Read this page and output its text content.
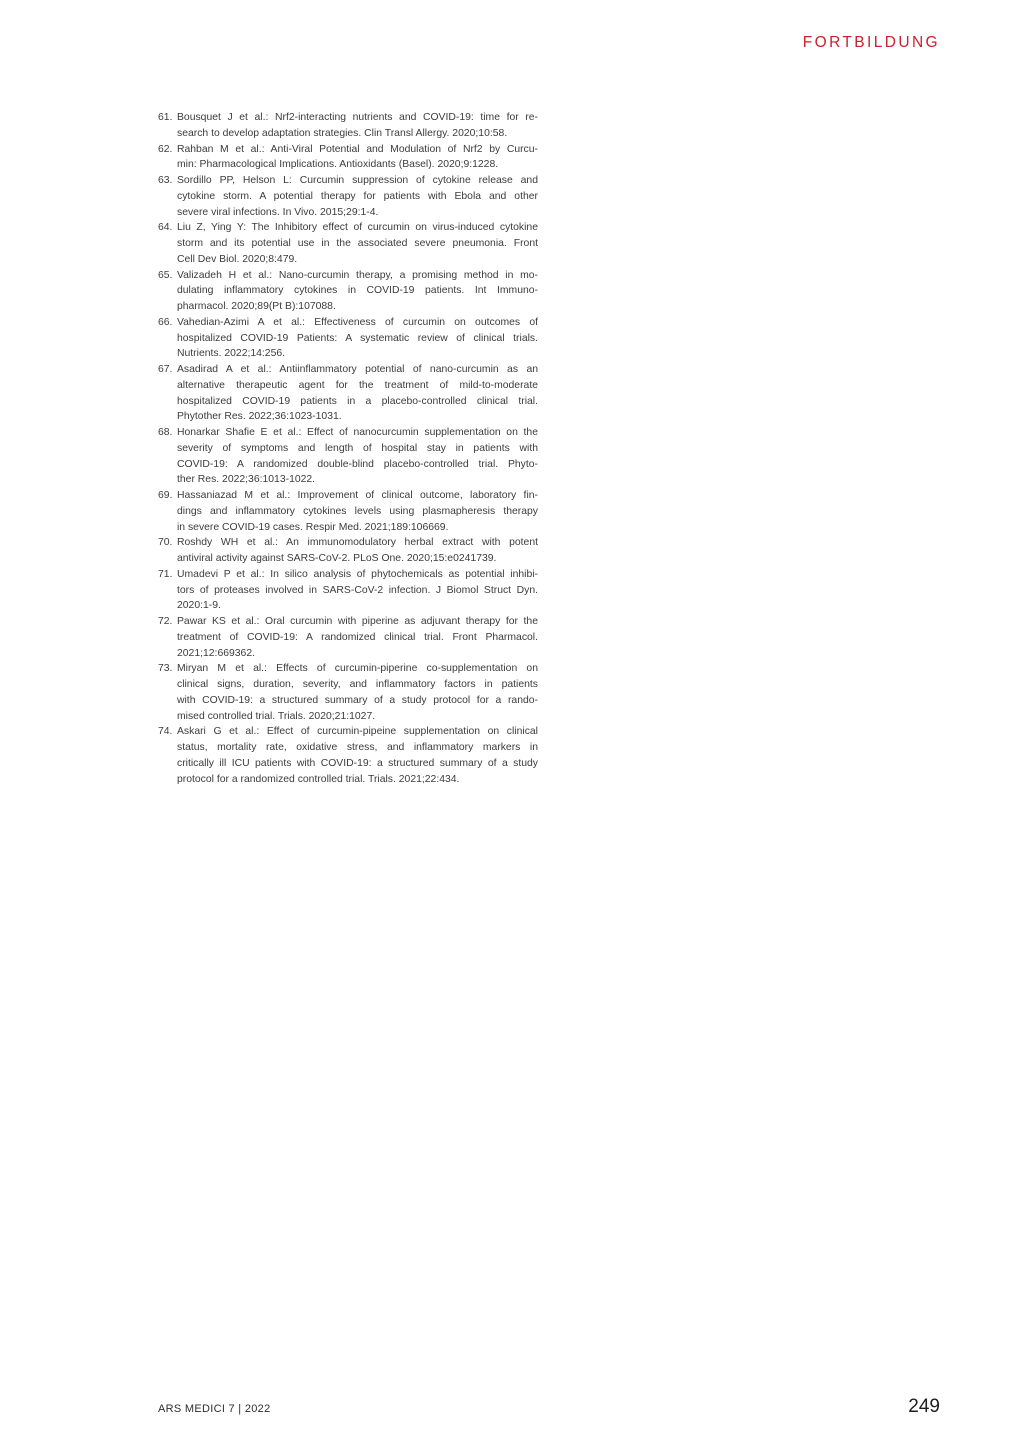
FORTBILDUNG
61. Bousquet J et al.: Nrf2-interacting nutrients and COVID-19: time for re-
search to develop adaptation strategies. Clin Transl Allergy. 2020;10:58.
62. Rahban M et al.: Anti-Viral Potential and Modulation of Nrf2 by Curcu-
min: Pharmacological Implications. Antioxidants (Basel). 2020;9:1228.
63. Sordillo PP, Helson L: Curcumin suppression of cytokine release and
cytokine storm. A potential therapy for patients with Ebola and other
severe viral infections. In Vivo. 2015;29:1-4.
64. Liu Z, Ying Y: The Inhibitory effect of curcumin on virus-induced cytokine
storm and its potential use in the associated severe pneumonia. Front
Cell Dev Biol. 2020;8:479.
65. Valizadeh H et al.: Nano-curcumin therapy, a promising method in mo-
dulating inflammatory cytokines in COVID-19 patients. Int Immuno-
pharmacol. 2020;89(Pt B):107088.
66. Vahedian-Azimi A et al.: Effectiveness of curcumin on outcomes of
hospitalized COVID-19 Patients: A systematic review of clinical trials.
Nutrients. 2022;14:256.
67. Asadirad A et al.: Antiinflammatory potential of nano-curcumin as an
alternative therapeutic agent for the treatment of mild-to-moderate
hospitalized COVID-19 patients in a placebo-controlled clinical trial.
Phytother Res. 2022;36:1023-1031.
68. Honarkar Shafie E et al.: Effect of nanocurcumin supplementation on the
severity of symptoms and length of hospital stay in patients with
COVID-19: A randomized double-blind placebo-controlled trial. Phyto-
ther Res. 2022;36:1013-1022.
69. Hassaniazad M et al.: Improvement of clinical outcome, laboratory fin-
dings and inflammatory cytokines levels using plasmapheresis therapy
in severe COVID-19 cases. Respir Med. 2021;189:106669.
70. Roshdy WH et al.: An immunomodulatory herbal extract with potent
antiviral activity against SARS-CoV-2. PLoS One. 2020;15:e0241739.
71. Umadevi P et al.: In silico analysis of phytochemicals as potential inhibi-
tors of proteases involved in SARS-CoV-2 infection. J Biomol Struct Dyn.
2020:1-9.
72. Pawar KS et al.: Oral curcumin with piperine as adjuvant therapy for the
treatment of COVID-19: A randomized clinical trial. Front Pharmacol.
2021;12:669362.
73. Miryan M et al.: Effects of curcumin-piperine co-supplementation on
clinical signs, duration, severity, and inflammatory factors in patients
with COVID-19: a structured summary of a study protocol for a rando-
mised controlled trial. Trials. 2020;21:1027.
74. Askari G et al.: Effect of curcumin-pipeine supplementation on clinical
status, mortality rate, oxidative stress, and inflammatory markers in
critically ill ICU patients with COVID-19: a structured summary of a study
protocol for a randomized controlled trial. Trials. 2021;22:434.
ARS MEDICI 7 | 2022	249
